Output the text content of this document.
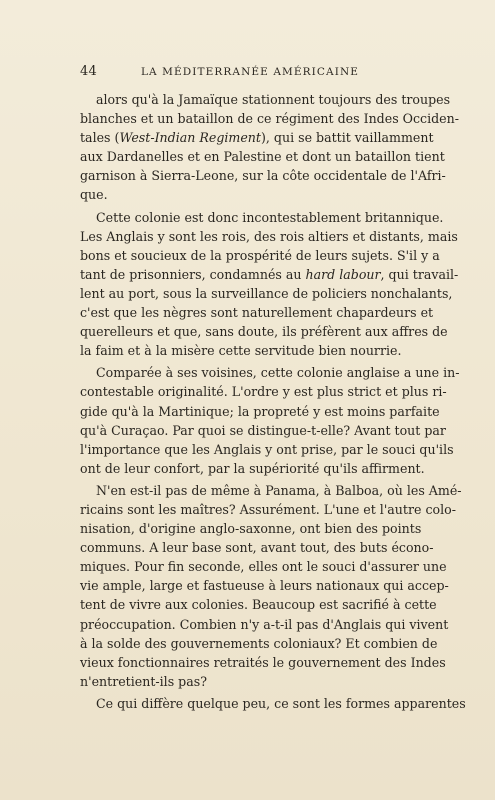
44	LA MÉDITERRANÉE AMÉRICAINE
alors qu'à la Jamaïque stationnent toujours des troupes
blanches et un bataillon de ce régiment des Indes Occiden-
tales (West-Indian Regiment), qui se battit vaillamment
aux Dardanelles et en Palestine et dont un bataillon tient
garnison à Sierra-Leone, sur la côte occidentale de l'Afri-
que.
Cette colonie est donc incontestablement britannique.
Les Anglais y sont les rois, des rois altiers et distants, mais
bons et soucieux de la prospérité de leurs sujets. S'il y a
tant de prisonniers, condamnés au hard labour, qui travail-
lent au port, sous la surveillance de policiers nonchalants,
c'est que les nègres sont naturellement chapardeurs et
querelleurs et que, sans doute, ils préfèrent aux affres de
la faim et à la misère cette servitude bien nourrie.
Comparée à ses voisines, cette colonie anglaise a une in-
contestable originalité. L'ordre y est plus strict et plus ri-
gide qu'à la Martinique; la propreté y est moins parfaite
qu'à Curaçao. Par quoi se distingue-t-elle? Avant tout par
l'importance que les Anglais y ont prise, par le souci qu'ils
ont de leur confort, par la supériorité qu'ils affirment.
N'en est-il pas de même à Panama, à Balboa, où les Amé-
ricains sont les maîtres? Assurément. L'une et l'autre colo-
nisation, d'origine anglo-saxonne, ont bien des points
communs. A leur base sont, avant tout, des buts écono-
miques. Pour fin seconde, elles ont le souci d'assurer une
vie ample, large et fastueuse à leurs nationaux qui accep-
tent de vivre aux colonies. Beaucoup est sacrifié à cette
préoccupation. Combien n'y a-t-il pas d'Anglais qui vivent
à la solde des gouvernements coloniaux? Et combien de
vieux fonctionnaires retraités le gouvernement des Indes
n'entretient-ils pas?
Ce qui diffère quelque peu, ce sont les formes apparentes
